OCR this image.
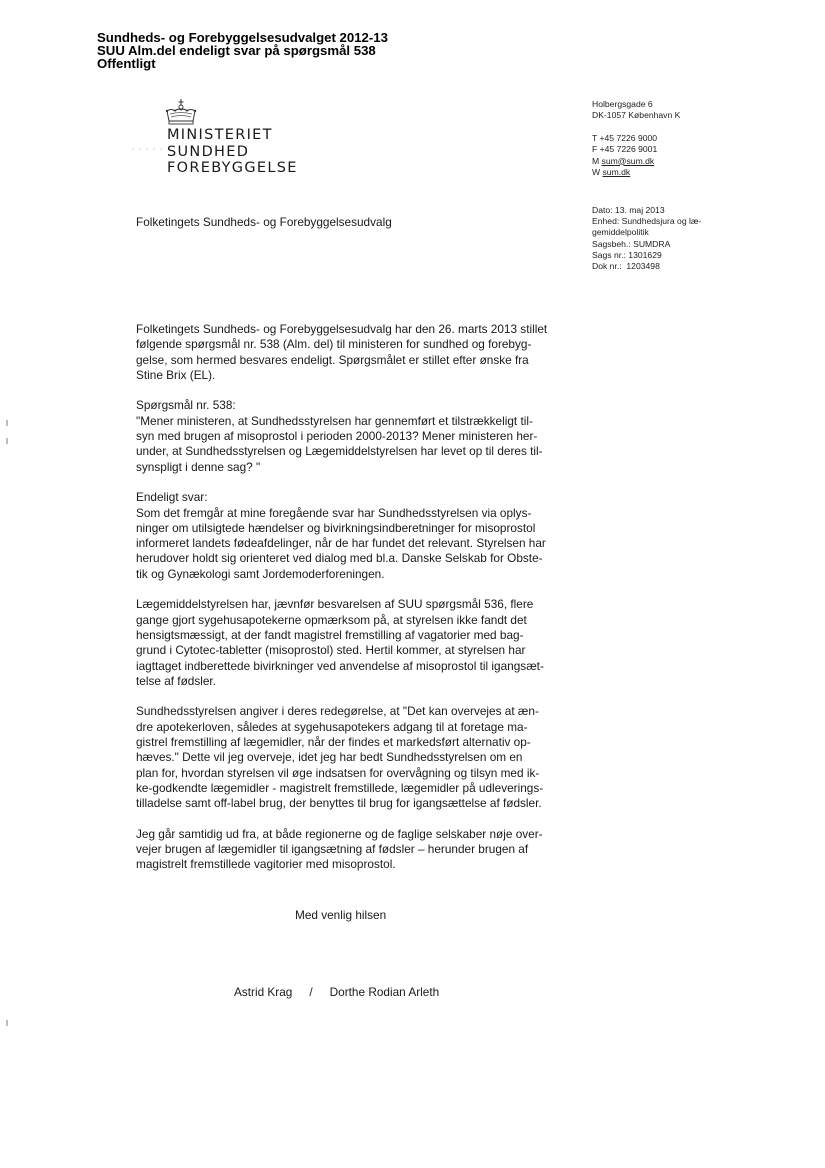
Sundheds- og Forebyggelsesudvalget 2012-13
SUU Alm.del endeligt svar på spørgsmål 538
Offentligt
MINISTERIET
SUNDHED
FOREBYGGELSE
Holbergsgade 6
DK-1057 København K
T +45 7226 9000
F +45 7226 9001
M sum@sum.dk
W sum.dk
Folketingets Sundheds- og Forebyggelsesudvalg
Dato: 13. maj 2013
Enhed: Sundhedsjura og læ-
gemiddelpolitik
Sagsbeh.: SUMDRA
Sags nr.: 1301629
Dok nr.:  1203498
Folketingets Sundheds- og Forebyggelsesudvalg har den 26. marts 2013 stillet
følgende spørgsmål nr. 538 (Alm. del) til ministeren for sundhed og forebyg-
gelse, som hermed besvares endeligt. Spørgsmålet er stillet efter ønske fra
Stine Brix (EL).
Spørgsmål nr. 538:
"Mener ministeren, at Sundhedsstyrelsen har gennemført et tilstrækkeligt til-
syn med brugen af misoprostol i perioden 2000-2013? Mener ministeren her-
under, at Sundhedsstyrelsen og Lægemiddelstyrelsen har levet op til deres til-
synspligt i denne sag? "
Endeligt svar:
Som det fremgår at mine foregående svar har Sundhedsstyrelsen via oplys-
ninger om utilsigtede hændelser og bivirkningsindberetninger for misoprostol
informeret landets fødeafdelinger, når de har fundet det relevant. Styrelsen har
herudover holdt sig orienteret ved dialog med bl.a. Danske Selskab for Obste-
tik og Gynækologi samt Jordemoderforeningen.
Lægemiddelstyrelsen har, jævnfør besvarelsen af SUU spørgsmål 536, flere
gange gjort sygehusapotekerne opmærksom på, at styrelsen ikke fandt det
hensigtsmæssigt, at der fandt magistrel fremstilling af vagatorier med bag-
grund i Cytotec-tabletter (misoprostol) sted. Hertil kommer, at styrelsen har
iagttaget indberettede bivirkninger ved anvendelse af misoprostol til igangsæt-
telse af fødsler.
Sundhedsstyrelsen angiver i deres redegørelse, at "Det kan overvejes at æn-
dre apotekerloven, således at sygehusapotekers adgang til at foretage ma-
gistrel fremstilling af lægemidler, når der findes et markedsført alternativ op-
hæves." Dette vil jeg overveje, idet jeg har bedt Sundhedsstyrelsen om en
plan for, hvordan styrelsen vil øge indsatsen for overvågning og tilsyn med ik-
ke-godkendte lægemidler - magistrelt fremstillede, lægemidler på udleverings-
tilladelse samt off-label brug, der benyttes til brug for igangsættelse af fødsler.
Jeg går samtidig ud fra, at både regionerne og de faglige selskaber nøje over-
vejer brugen af lægemidler til igangsætning af fødsler – herunder brugen af
magistrelt fremstillede vagitorier med misoprostol.
Med venlig hilsen
Astrid Krag / Dorthe Rodian Arleth
